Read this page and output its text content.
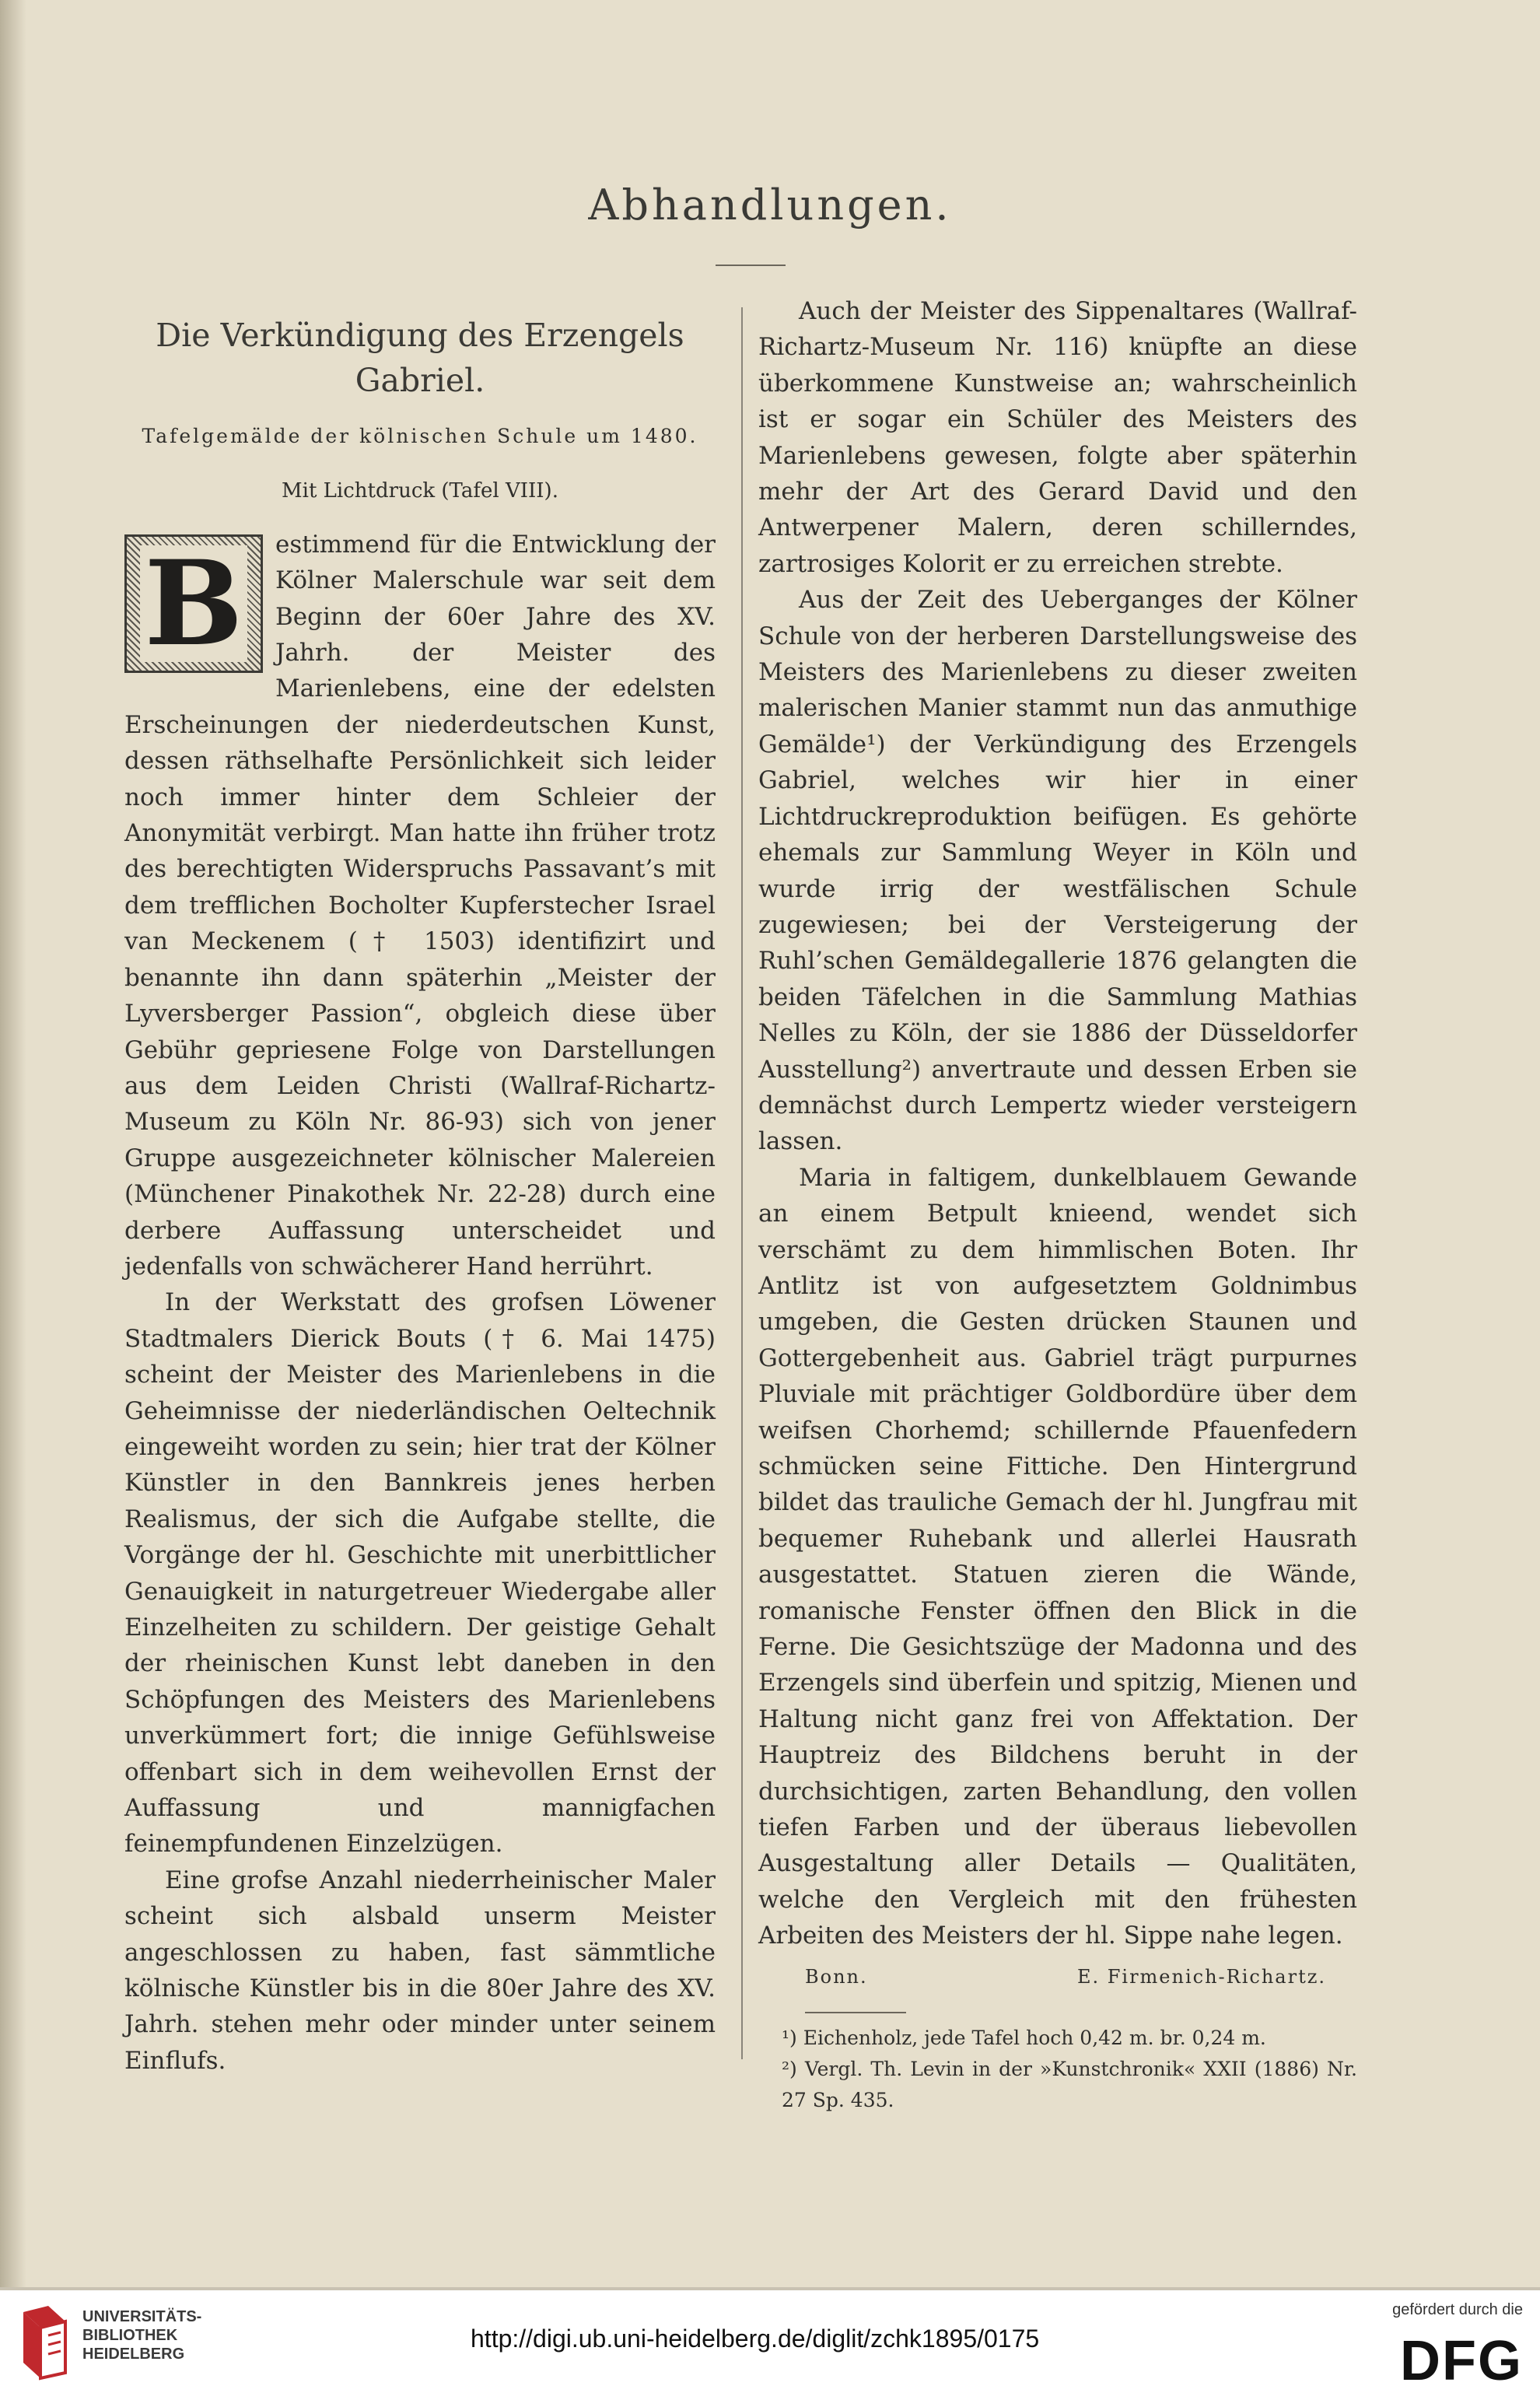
Abhandlungen.
Die Verkündigung des Erzengels
Gabriel.

Tafelgemälde der kölnischen Schule um 1480.

Mit Lichtdruck (Tafel VIII).

B estimmend für die Entwicklung der Kölner Malerschule war seit dem Beginn der 60er Jahre des XV. Jahrh. der Meister des Marienlebens, eine der edelsten Erscheinungen der niederdeutschen Kunst, dessen räthselhafte Persönlichkeit sich leider noch immer hinter dem Schleier der Anonymität verbirgt. Man hatte ihn früher trotz des berechtigten Widerspruchs Passavant’s mit dem trefflichen Bocholter Kupferstecher Israel van Meckenem († 1503) identifizirt und benannte ihn dann späterhin „Meister der Lyversberger Passion“, obgleich diese über Gebühr gepriesene Folge von Darstellungen aus dem Leiden Christi (Wallraf-Richartz-Museum zu Köln Nr. 86-93) sich von jener Gruppe ausgezeichneter kölnischer Malereien (Münchener Pinakothek Nr. 22-28) durch eine derbere Auffassung unterscheidet und jedenfalls von schwächerer Hand herrührt.

In der Werkstatt des grofsen Löwener Stadtmalers Dierick Bouts († 6. Mai 1475) scheint der Meister des Marienlebens in die Geheimnisse der niederländischen Oeltechnik eingeweiht worden zu sein; hier trat der Kölner Künstler in den Bannkreis jenes herben Realismus, der sich die Aufgabe stellte, die Vorgänge der hl. Geschichte mit unerbittlicher Genauigkeit in naturgetreuer Wiedergabe aller Einzelheiten zu schildern. Der geistige Gehalt der rheinischen Kunst lebt daneben in den Schöpfungen des Meisters des Marienlebens unverkümmert fort; die innige Gefühlsweise offenbart sich in dem weihevollen Ernst der Auffassung und mannigfachen feinempfundenen Einzelzügen.

Eine grofse Anzahl niederrheinischer Maler scheint sich alsbald unserm Meister angeschlossen zu haben, fast sämmtliche kölnische Künstler bis in die 80er Jahre des XV. Jahrh. stehen mehr oder minder unter seinem Einflufs.

Auch der Meister des Sippenaltares (Wallraf-Richartz-Museum Nr. 116) knüpfte an diese überkommene Kunstweise an; wahrscheinlich ist er sogar ein Schüler des Meisters des Marienlebens gewesen, folgte aber späterhin mehr der Art des Gerard David und den Antwerpener Malern, deren schillerndes, zartrosiges Kolorit er zu erreichen strebte.

Aus der Zeit des Ueberganges der Kölner Schule von der herberen Darstellungsweise des Meisters des Marienlebens zu dieser zweiten malerischen Manier stammt nun das anmuthige Gemälde¹) der Verkündigung des Erzengels Gabriel, welches wir hier in einer Lichtdruckreproduktion beifügen. Es gehörte ehemals zur Sammlung Weyer in Köln und wurde irrig der westfälischen Schule zugewiesen; bei der Versteigerung der Ruhl’schen Gemäldegallerie 1876 gelangten die beiden Täfelchen in die Sammlung Mathias Nelles zu Köln, der sie 1886 der Düsseldorfer Ausstellung²) anvertraute und dessen Erben sie demnächst durch Lempertz wieder versteigern lassen.

Maria in faltigem, dunkelblauem Gewande an einem Betpult knieend, wendet sich verschämt zu dem himmlischen Boten. Ihr Antlitz ist von aufgesetztem Goldnimbus umgeben, die Gesten drücken Staunen und Gottergebenheit aus. Gabriel trägt purpurnes Pluviale mit prächtiger Goldbordüre über dem weifsen Chorhemd; schillernde Pfauenfedern schmücken seine Fittiche. Den Hintergrund bildet das trauliche Gemach der hl. Jungfrau mit bequemer Ruhebank und allerlei Hausrath ausgestattet. Statuen zieren die Wände, romanische Fenster öffnen den Blick in die Ferne. Die Gesichtszüge der Madonna und des Erzengels sind überfein und spitzig, Mienen und Haltung nicht ganz frei von Affektation. Der Hauptreiz des Bildchens beruht in der durchsichtigen, zarten Behandlung, den vollen tiefen Farben und der überaus liebevollen Ausgestaltung aller Details — Qualitäten, welche den Vergleich mit den frühesten Arbeiten des Meisters der hl. Sippe nahe legen.

Bonn.	E. Firmenich-Richartz.

¹) Eichenholz, jede Tafel hoch 0,42 m. br. 0,24 m.

²) Vergl. Th. Levin in der »Kunstchronik« XXII (1886) Nr. 27 Sp. 435.

UNIVERSITÄTS-
BIBLIOTHEK
HEIDELBERG
http://digi.ub.uni-heidelberg.de/diglit/zchk1895/0175
gefördert durch die
DFG
